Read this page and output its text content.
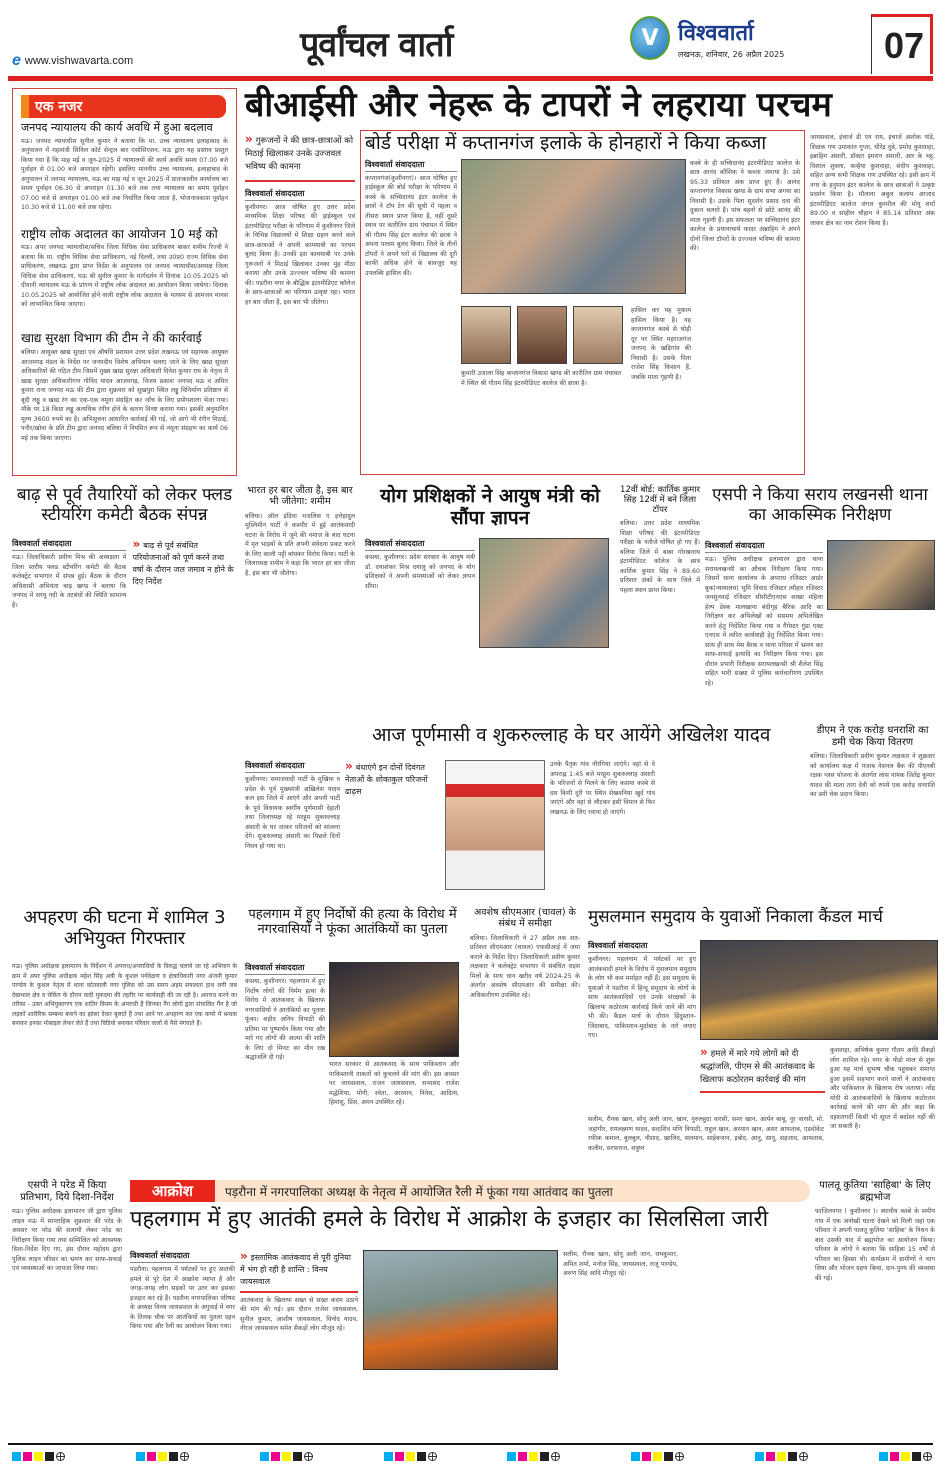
e www.vishwavarta.com	पूर्वांचल वार्ता	V विश्ववार्ता
लखनऊ, शनिवार, 26 अप्रैल 2025	07
एक नजर
जनपद न्यायालय की कार्य अवधि में हुआ बदलाव
मऊ। जनपद न्यायाधीश सुनील कुमार ने बताया कि मा. उच्च न्यायालय इलाहाबाद के अनुपालन में महामंत्री सिविल कोर्ट सेन्ट्रल बार एसोसिएशन, मऊ द्वारा यह प्रस्ताव प्रस्तुत किया गया है कि माह मई व जून-2025 में न्यायालयों की कार्य अवधि समय 07.00 बजे पूर्वाहन से 01.00 बजे अपराहन रहेगी। इसलिए माननीय उच्च न्यायालय, इलाहाबाद के अनुपालन में जनपद न्यायालय, मऊ का माह मई व जून 2025 में प्रातःकालीन कार्यालय का समय पूर्वाहन 06.30 से अपराहन 01.30 बजे तक तथा न्यायालय का समय पूर्वाहन 07.00 बजे से अपराहन 01.00 बजे तक निर्धारित किया जाता है, भोजनावकाश पूर्वाहन 10.30 बजे से 11.00 बजे तक रहेगा।
राष्ट्रीय लोक अदालत का आयोजन 10 मई को
मऊ। अपर जनपद न्यायाधीश/सचिव जिला विधिक सेवा प्राधिकरण बाकर शमीम रिज्वी ने बताया कि मा. राष्ट्रीय विधिक सेवा प्राधिकरण, नई दिल्ली, तथा उ0प्र0 राज्य विधिक सेवा प्राधिकरण, लखनऊ द्वारा प्राप्त निर्देश के अनुपालन एवं जनपद न्यायाधीश/अध्यक्ष जिला विधिक सेवा प्राधिकरण, मऊ श्री सुनील कुमार के मार्गदर्शन में दिनांक 10.05.2025 को दीवानी न्यायालय मऊ के प्रांगण में राष्ट्रीय लोक अदालत का आयोजन किया जायेगा। दिनांक 10.05.2025 को आयोजित होने वाली राष्ट्रीय लोक अदालत के माध्यम से आमजन मानस को लाभान्वित किया जाएगा।
खाद्य सुरक्षा विभाग की टीम ने की कार्रवाई
बलिया। आयुक्त खाद्य सुरक्षा एवं औषधि प्रशासन उत्तर प्रदेश लखनऊ एवं सहायक आयुक्त आजमगढ़ मंडल के निर्देश पर जनपदीय विशेष अभियान चलाए जाने के लिए खाद्य सुरक्षा अधिकारियों की गठित टीम जिसमें मुख्य खाद्य सुरक्षा अधिकारी दिनेश कुमार राय के नेतृत्व में खाद्य सुरक्षा अधिकारीगण गोविंद यादव आजमगढ़, विजय प्रकाश जनपद मऊ व अमित कुमार राना जनपद मऊ की टीम द्वारा शुक्रवार को सुखपुरा स्थित लड्डू विनिर्माण प्रतिष्ठान से बूंदी लड्डू व खाद्य रंग का एक-एक नमूना संग्रहित कर जाँच के लिए प्रयोगशाला भेजा गया। मौके पर 18 किग्रा लड्डू अत्यधिक रंगीन होने के कारण विनष्ट कराया गया। इसकी अनुमानित मूल्य 3600 रुपये का है। अभिसूचना आधारित कार्रवाई की गई, जो आगे भी रंगीन मिठाई, पनीर/खोवा के प्रति टीम द्वारा जनपद बलिया में नियमित रूप से नमूना संग्रहण का कार्य 06 मई तक किया जाएगा।
बीआईसी और नेहरू के टापरों ने लहराया परचम
» गुरूजनों ने की छात्र-छात्राओं को मिठाई खिलाकर उनके उज्जवल भविष्य की कामना
विश्ववार्ता संवाददाता
कुशीनगर। आज घोषित हुए उत्तर प्रदेश माध्यमिक शिक्षा परिषद की हाईस्कूल एवं इंटरमीडिएट परीक्षा के परिणाम में कुशीनगर जिले के विभिन्न विद्यालयों में शिक्षा ग्रहण करने वाले छात्र-छात्राओं ने अपनी कामयाबी का परचम बुलंद किया है। उनकी इस कामयाबी पर उनके गुरूजनों ने मिठाई खिलाकर उनका मुंह मीठा कराया और उनके उज्ज्वल भविष्य की कामना की। पडरौना नगर के बौद्धिक इंटरमीडिएट कॉलेज के छात्र-छात्राओं का परिणाम उत्कृष्ट रहा। भारत हर बार जीता है, इस बार भी जीतेगा।
बोर्ड परीक्षा में कप्तानगंज इलाके के होनहारों ने किया कब्जा
विश्ववार्ता संवाददाता
कप्तानगंज(कुशीनगर)। आज घोषित हुए हाईस्कूल की बोर्ड परीक्षा के परिणाम में कस्बे के सच्चिदानंद इंटर कालेज के छात्रों ने टॉप टेन की सूची में पहला व तीसरा स्थान प्राप्त किया है, वहीं दूसरे स्थान पर कारीतिन ग्राम पंचायत में स्थित श्री गौतम सिंह इंटर कालेज की छात्रा ने अपना परचम बुलंद किया। जिले के तीनों टॉपरों ने अपने घरों से विद्यालय की दूरी काफी अधिक होने के बावजूद यह उपलब्धि हासिल की।
कस्बे के ही सच्चिदानंद इंटरमीडिएट कालेज के छात्र आनंद कौशिक ने कब्जा जमाया है। उसे 95.33 प्रतिशत अंक प्राप्त हुए हैं। आनंद कप्तानगंज विकास खण्ड के ग्राम सभा अगया का निवासी है। उसके पिता सुदर्शन प्रसाद दवा की दुकान चलाते हैं। पांच बहनों से छोटे आनंद की माता गृहणी हैं। इस सफलता पर सच्चिदानंद इंटर कालेज के प्रधानाचार्य फादर अब्राहिम ने अपने दोनों जिला टॉपरों के उज्ज्वल भविष्य की कामना की।
हासिल कर यह मुकाम हासिल किया है। वह कप्तानगंज कस्बे से थोड़ी दूर पर स्थित महराजगंज जनपद के खड़िगांव की निवासी है। उसके पिता राजेश सिंह किसान हैं, जबकि माता गृहणी है।
कुमारी उजाला सिंह कप्तानगंज विकास खण्ड की कारीतिन ग्राम पंचायत में स्थित श्री गौतम सिंह इंटरमीडिएट कालेज की छात्रा है।
जायसवाल, इंचार्ज डी एन राय, इंचार्ज अशोक पांडे, शिक्षक गण उमाकांत गुप्ता, धीरेंद्र दुबे, प्रमोद कुशवाहा, इब्राहिम अंसारी, डॉक्टर इमरान अंसारी, आर के भट्ट, विशाल शुक्ला, कन्हैया कुशवाहा, संदीप कुशवाहा, सहित अन्य सभी शिक्षक गण उपस्थित रहे। इसी क्रम में नगर के हनुमान इंटर कालेज के छात्र छात्राओं ने उत्कृष्ट प्रदर्शन किया है। मौलाना अबुल कलाम आजाद इंटरमीडिएट कालेज जंगल कुरमौल की मोनू शर्मा 89.00 व साहील चौहान ने 85.14 प्रतिशत अंक लाकर क्षेत्र का नाम रोशन किया है।
बाढ़ से पूर्व तैयारियों को लेकर फ्लड स्टीयरिंग कमेटी बैठक संपन्न
विश्ववार्ता संवाददाता
मऊ। जिलाधिकारी प्रवीण मिश्र की अध्यक्षता में जिला स्तरीय फ्लड स्टीयरिंग कमेटी की बैठक कलेक्ट्रेट सभागार में संपन्न हुई। बैठक के दौरान अधिशासी अभियंता बाढ़ खण्ड ने बताया कि जनपद में सरयू नदी के तटबंधों की स्थिति सामान्य है।
» बाढ़ से पूर्व संबंधित परियोजनाओं को पूर्ण करने तथा वर्षा के दौरान जल जमाव न होने के दिए निर्देश
भारत हर बार जीता है, इस बार भी जीतेगा: शमीम
बलिया। ऑल इंडिया मजलिस ए इत्तेहादुल मुस्लिमीन पार्टी ने कश्मीर में हुई आतंकवादी घटना के विरोध में जुमे की नमाज के बाद घटना में मृत भाइयों के प्रति अपनी संवेदना प्रकट करने के लिए काली पट्टी बांधकर विरोध किया। पार्टी के जिलाध्यक्ष शमीम ने कहा कि भारत हर बार जीता है, इस बार भी जीतेगा।
योग प्रशिक्षकों ने आयुष मंत्री को सौंपा ज्ञापन
विश्ववार्ता संवाददाता
कसया, कुशीनगर। प्रदेश सरकार के आयुष मंत्री डॉ. दयाशंकर मिश्र दयालु को जनपद के योग प्रशिक्षकों ने अपनी समस्याओं को लेकर ज्ञापन सौंपा।
12वीं बोर्ड: कार्तिक कुमार सिंह 12वीं में बने जिला टॉपर
बलिया। उत्तर प्रदेश माध्यमिक शिक्षा परिषद की इंटरमीडिएट परीक्षा के नतीजे घोषित हो गए हैं। बलिया जिले में बाबा गोरखनाथ इंटरमीडिएट कॉलेज के छात्र कार्तिक कुमार सिंह ने 89.60 प्रतिशत अंकों के साथ जिले में पहला स्थान प्राप्त किया।
एसपी ने किया सराय लखनसी थाना का आकस्मिक निरीक्षण
विश्ववार्ता संवाददाता
मऊ। पुलिस अधीक्षक इलामारन द्वारा थाना सरायलखन्सी का औचक निरीक्षण किया गया। जिसमें थाना कार्यालय के अपराध रजिस्टर आर्डर बुक(न्यायालय) भूमि विवाद रजिस्टर त्यौहार रजिस्टर जनसुनवाई रजिस्टर सीसीटीएनएस शाखा महिला हेल्प डेस्क मालखाना बंदीगृह बैरिक आदि का निरीक्षण कर अभिलेखों को ससमय अभिलेखित करने हेतु निर्देशित किया गया व गैंगेस्टर गुंडा एक्ट एनएस में त्वरित कार्यवाही हेतु निर्देशित किया गया। साथ ही साथ मेस बैरक व थाना परिसर में भ्रमण कर साफ-सफाई इत्यादि का निरीक्षण किया गया। इस दौरान प्रभारी निरीक्षक सरायलखन्सी श्री शैलेश सिंह सहित भारी संख्या में पुलिस कर्मचारीगण उपस्थित रहे।
आज पूर्णमासी व शुकरुल्लाह के घर आयेंगे अखिलेश यादव
विश्ववार्ता संवाददाता
कुशीनगर। समाजवादी पार्टी के मुखिया व प्रदेश के पूर्व मुख्यमंत्री अखिलेश यादव कल इस जिले में आएंगे और अपनी पार्टी के पूर्व विधायक स्वर्गीय पूर्णमासी देहाती तथा जिलाध्यक्ष रहे मरहूम शुकरुल्लाह अंसारी के घर जाकर परिजनों को सांत्वना देंगे। शुकरुल्लाह अंसारी का पिछले दिनों निधन हो गया था।
» बंधाएंगे इन दोनों दिवंगत नेताओं के शोकाकुल परिजनों ढाढ़स
उनके पैतृक गांव नौरंगिया जाएंगे। वहां से वे अपराह्न 1:45 बजे मरहूम शुकरुल्लाह अंसारी के परिजनों से मिलने के लिए कसया कस्बे से दस किमी दूरी पर स्थित सेखवनिया खुर्द गांव जाएंगे और वहां से लौटकर इसी विमान से फिर लखनऊ के लिए रवाना हो जाएंगे।
डीएम ने एक करोड़ धनराशि का डमी चेक किया वितरण
बलिया। जिलाधिकारी प्रवीण कुमार लक्षकार ने शुक्रवार को कार्यालय कक्ष में पंजाब नेशनल बैंक की पीएनबी रक्षक प्लस योजना के अंतर्गत लांस नायक जितेंद्र कुमार यादव की माता तारा देवी को रुपये एक करोड़ धनराशि का डमी चेक प्रदान किया।
अपहरण की घटना में शामिल 3 अभियुक्त गिरफ्तार
मऊ। पुलिस अधीक्षक इलामारन के निर्देशन में अपराध/अपराधियों के विरुद्ध चलाये जा रहे अभियान के क्रम में अपर पुलिस अधीक्षक महेश सिंह अत्री के कुशल पर्यवेक्षण व क्षेत्राधिकारी नगर अंजनी कुमार पाण्डेय के कुशल नेतृत्व में थाना कोतवाली नगर पुलिस को उस समय अहम सफलता हाथ लगी जब देखभाल क्षेत्र व चेकिंग के दौरान वादी मुकदमा की तहरीर पर कार्यवाही की जा रही है। अपराध करने का तरीका - उक्त अभियुक्तगण एक शातिर किस्म के अपराधी हैं जिनका गैंग लोगों द्वारा संचालित गैंग है जो लड़कों शारीरिक सम्बन्ध बनाने का झांसा देकर बुलाते हैं तथा आने पर अपहरण कर एक कमरे में बन्धक बनाकर इनका मोबाइल लेकर लेते हैं तथा विडियो बनाकर परिवार वालों से पैसे मंगवाते हैं।
पहलगाम में हुए निर्दोषों की हत्या के विरोध में नगरवासियों ने फूंका आतंकियों का पुतला
विश्ववार्ता संवाददाता
कसया, कुशीनगर। पहलगाम में हुए निर्दोष लोगों की निर्मम हत्या के विरोध में आतंकवाद के खिलाफ नगरवासियों ने आतंकियों का पुतला फूंका। शहीद अनिप त्रिपाठी की प्रतिमा पर पुष्पार्चन किया गया और मारे गए लोगों की आत्मा की शांति के लिए दो मिनट का मौन रख श्रद्धांजलि दी गई।
भारत सरकार से आतंकवाद के साथ पाकिस्तान और पाकिस्तानी ताकतों को कुचलने की मांग की। इस अवसर पर जायसवाल, राजन जायसवाल, सभासद राजेश मद्धेशिया, मोनी, श्वेता, आरमान, नितेश, आदित्य, हिमांशु, प्रिंस, अमन उपस्थित रहे।
अवशेष सीएमआर (चावल) के संबंध में समीक्षा
बलिया। जिलाधिकारी ने 27 अप्रैल तक शत-प्रतिशत सीएमआर (चावल) एफसीआई में जमा कराने के निर्देश दिए। जिलाधिकारी प्रवीण कुमार लक्षकार ने कलेक्ट्रेट सभागार में संबंधित राइस मिलों के साथ धान खरीद वर्ष 2024-25 के अंतर्गत अवशेष सीएमआर की समीक्षा की। अधिकारीगण उपस्थित रहे।
मुसलमान समुदाय के युवाओं निकाला कैंडल मार्च
विश्ववार्ता संवाददाता
कुशीनगर। पहलगाम में पर्यटकों पर हुए आतंकवादी हमले के विरोध में मुसलमान समुदाय के लोग भी कम मर्माहत नहीं हैं। इस समुदाय के युवाओं ने पडरौना में हिन्दू समुदाय के लोगों के साथ आतंकवादियों एवं उनके संरक्षकों के खिलाफ कठोरतम कार्रवाई किये जाने की मांग भी की। कैंडल मार्च के दौरान हिंदुस्तान-जिंदाबाद, पाकिस्तान-मुर्दाबाद के नारे लगाए गए।
» हमले में मारे गये लोगों को दी श्रद्धांजलि, पीएम से की आतंकवाद के खिलाफ कठोरतम कार्रवाई की मांग
कुशवाहा, अभिषेक कुमार गौतम आदि सैकड़ों लोग शामिल रहे। नगर के पीडो माल से शुरू हुआ यह मार्च सुभाष चौक पहुंचकर समाप्त हुआ इसमें सहभाग करने वालों ने आतंकवाद और पाकिस्तान के खिलाफ रोष जताया। नरेंद्र मोदी से आतंकवादियों के खिलाफ कठोरतम कार्रवाई करने की मांग की और कहा कि दहशतगर्दी किसी भी सूरत में बर्दाश्त नहीं की जा सकती है।
सलीम, रौनक खान, सोनू अली जान, खान, नुरुलहुदा वारसी, समर खान, आर्यन बाबू, नूर वारसी, मो. जहांगीर, रामलक्ष्मण यादव, सदाशिव मणि त्रिपाठी, राहुल खान, अरमान खान, असर आफताब, एडवोकेट रफीक कमाल, बुलबुल, नौशाद, खालिद, सलमान, साहेबजान, इबोद, आनु, सानू, सहजाद, आफताब, कलीम, सरफराज, शत्रुघ्न
एसपी ने परेड में किया प्रतिभाग, दिये दिशा-निर्देश
मऊ। पुलिस अधीक्षक इलामारन जी द्वारा पुलिस लाइन मऊ में साप्ताहिक शुक्रवार की परेड के अवसर पर परेड की सलामी लेकर परेड का निरीक्षण किया गया तथा सम्मिलित को आवश्यक दिशा-निर्देश दिए गए, इस दौरान महोदय द्वारा पुलिस लाइन परिसर का भ्रमण कर साफ-सफाई एवं व्यवस्थाओं का जायजा लिया गया।
आक्रोश	पड़रौना में नगरपालिका अध्यक्ष के नेतृत्व में आयोजित रैली में फूंका गया आतंवाद का पुतला
पहलगाम में हुए आतंकी हमले के विरोध में आक्रोश के इजहार का सिलसिला जारी
विश्ववार्ता संवाददाता
पडरौना। पहलगाम में पर्यटकों पर हुए आतंकी हमले से पूरे देश में आक्रोश व्याप्त है और जगह-जगह लोग सड़कों पर उतर कर इसका इजहार कर रहे हैं। पडरौना नगरपालिका परिषद के अध्यक्ष विनय जायसवाल के अगुवाई में नगर के तिलक चौक पर आतंकियों का पुतला दहन किया गया और रैली का आयोजन किया गया।
» इस्लामिक आतंकवाद से पूरी दुनिया में भंग हो रही है शान्ति : विनय जायसवाल
आतंकवाद के खिलाफ सख्त से सख्त कदम उठाने की मांग की गई। इस दौरान राजेश जायसवाल, सुनील कुमार, आशीष जायसवाल, विनोद यादव, नीरज जायसवाल समेत सैकड़ों लोग मौजूद रहे।
सलीम, रौनक खान, सोनू अली जान, रामकुमार, अमित शर्मा, मनोज सिंह, जायसवाल, राजू पाण्डेय, अरुण सिंह आदि मौजूद रहे।
पालतू कुतिया 'साहिबा' के लिए ब्रह्मभोज
फाजिलनगर ( कुशीनगर )। स्थानीय कस्बे के समीप गांव में एक अनोखी घटना देखने को मिली जहां एक परिवार ने अपनी पालतू कुतिया 'साहिबा' के निधन के बाद उसकी याद में ब्रह्मभोज का आयोजन किया। परिवार के लोगों ने बताया कि साहिबा 15 वर्षों से परिवार का हिस्सा थी। कार्यक्रम में ग्रामीणों ने भाग लिया और भोजन ग्रहण किया, दान-पुण्य की व्यवस्था की गई।
